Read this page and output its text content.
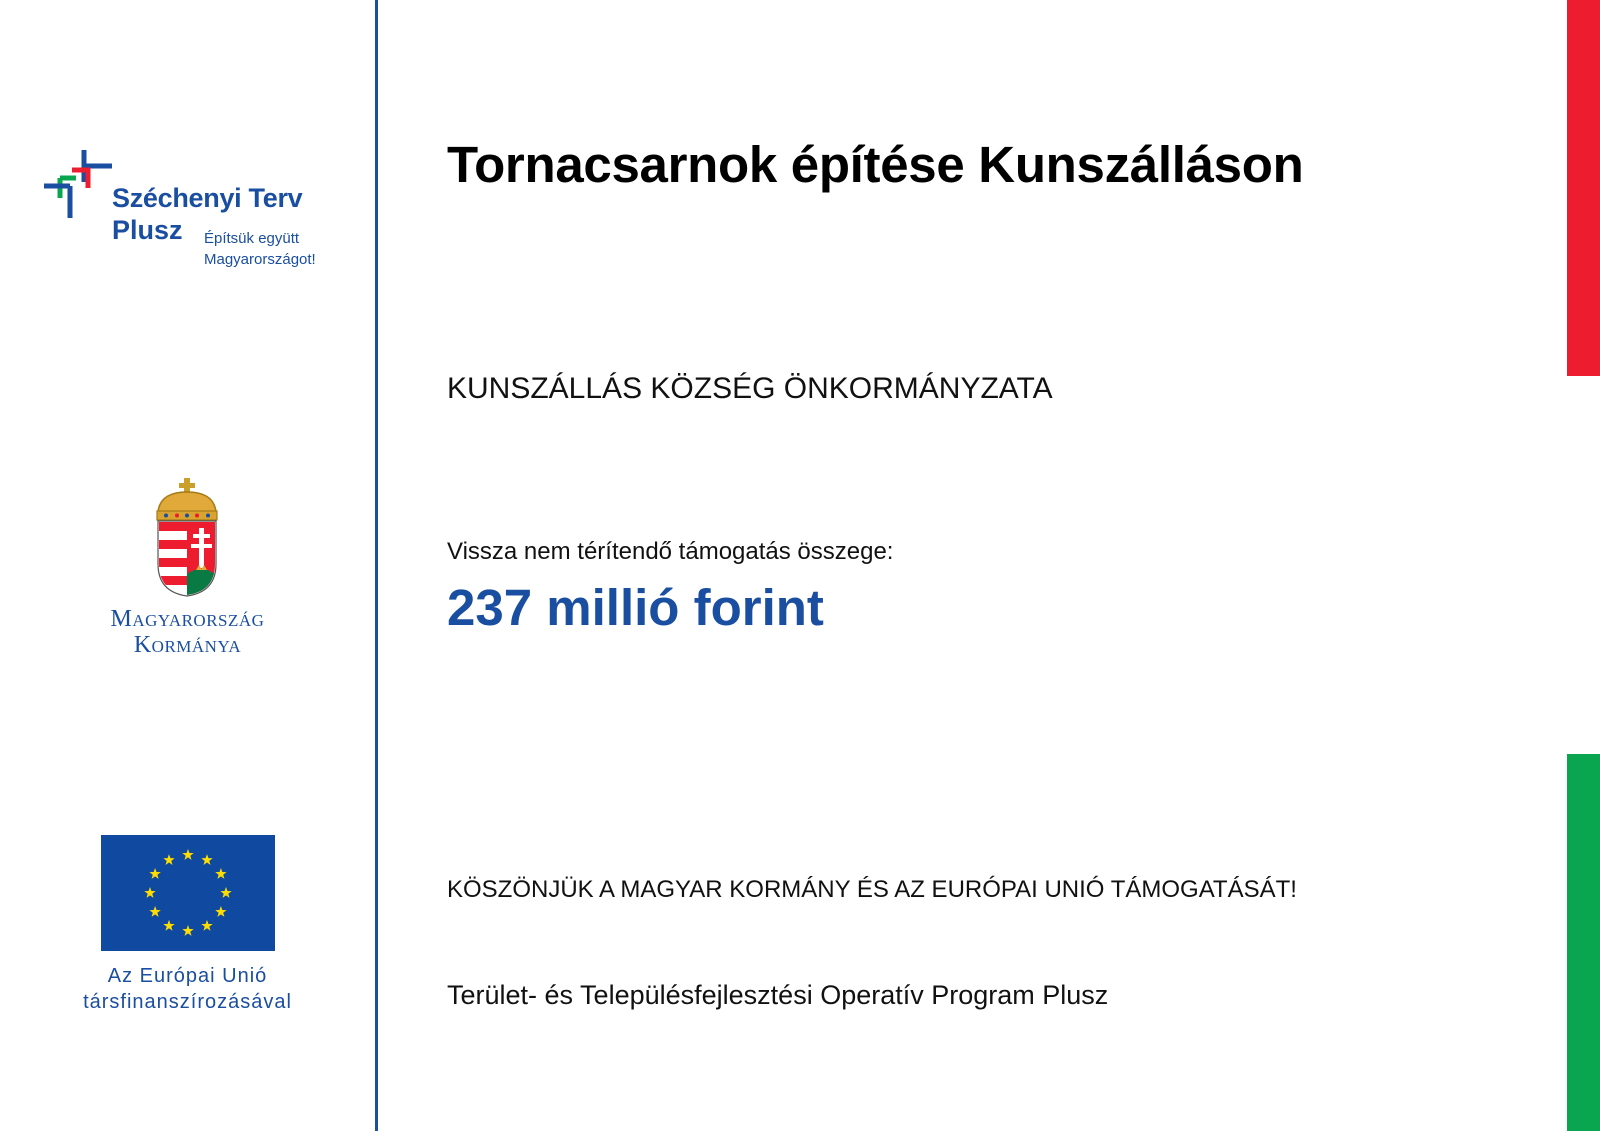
Széchenyi Terv
Plusz Építsük együtt
Magyarországot!
Magyarország
Kormánya
Az Európai Unió
társfinanszírozásával
Tornacsarnok építése Kunszálláson
KUNSZÁLLÁS KÖZSÉG ÖNKORMÁNYZATA
Vissza nem térítendő támogatás összege:
237 millió forint
KÖSZÖNJÜK A MAGYAR KORMÁNY ÉS AZ EURÓPAI UNIÓ TÁMOGATÁSÁT!
Terület- és Településfejlesztési Operatív Program Plusz
